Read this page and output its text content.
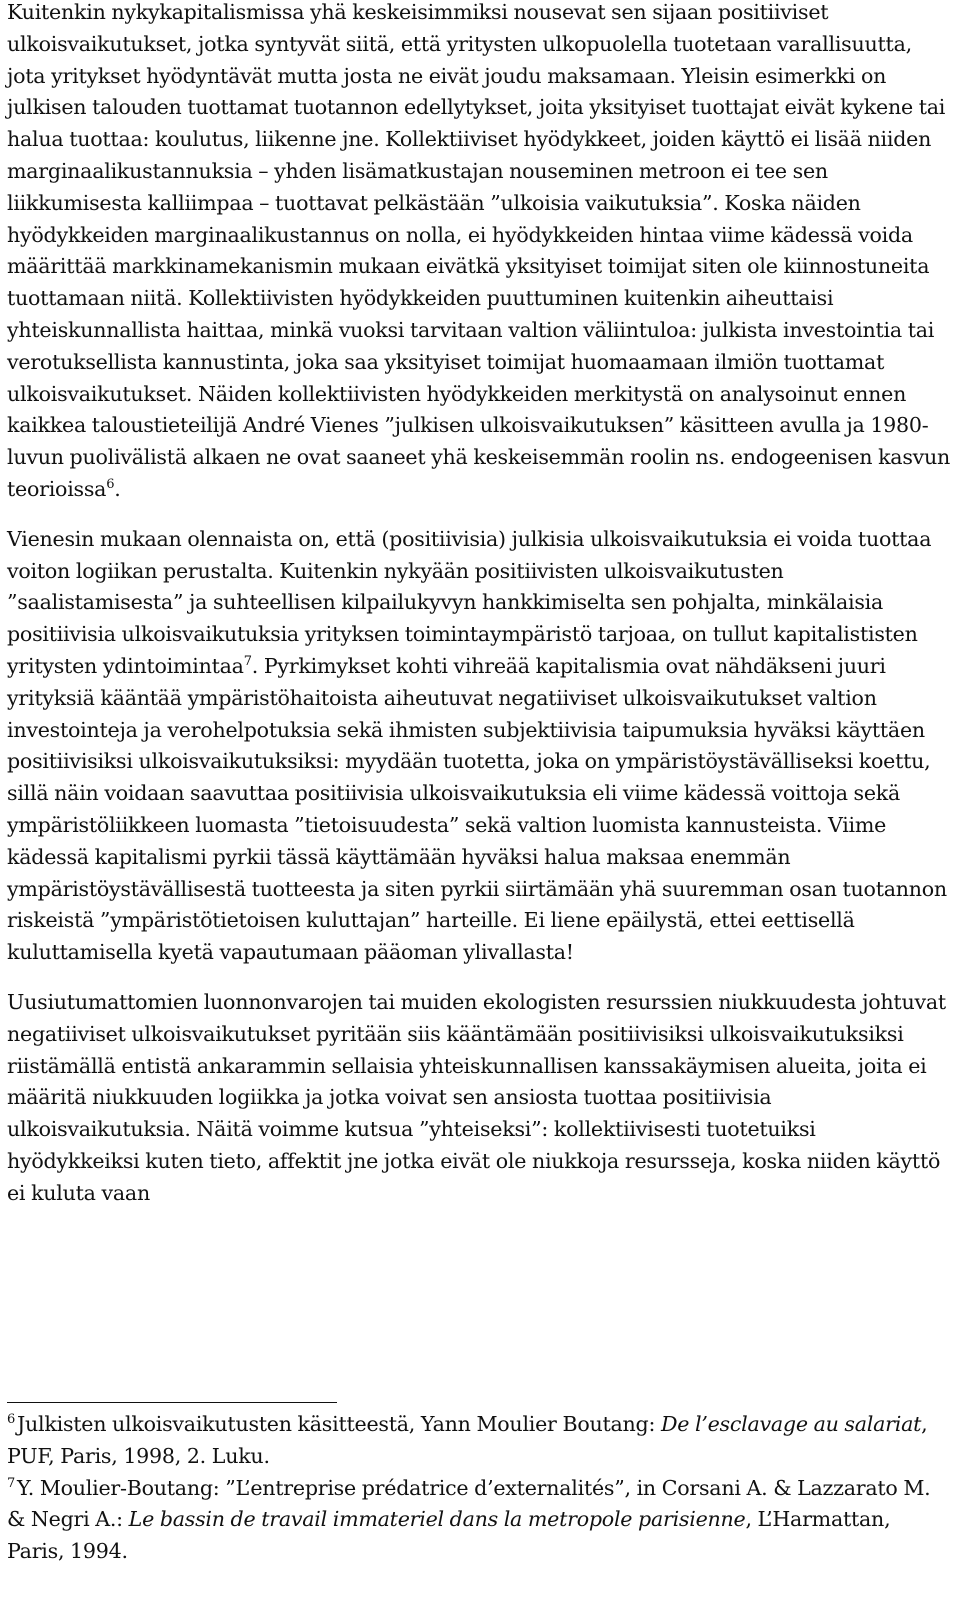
Kuitenkin nykykapitalismissa yhä keskeisimmiksi nousevat sen sijaan positiiviset ulkoisvaikutukset, jotka syntyvät siitä, että yritysten ulkopuolella tuotetaan varallisuutta, jota yritykset hyödyntävät mutta josta ne eivät joudu maksamaan. Yleisin esimerkki on julkisen talouden tuottamat tuotannon edellytykset, joita yksityiset tuottajat eivät kykene tai halua tuottaa: koulutus, liikenne jne. Kollektiiviset hyödykkeet, joiden käyttö ei lisää niiden marginaalikustannuksia – yhden lisämatkustajan nouseminen metroon ei tee sen liikkumisesta kalliimpaa – tuottavat pelkästään ”ulkoisia vaikutuksia”. Koska näiden hyödykkeiden marginaalikustannus on nolla, ei hyödykkeiden hintaa viime kädessä voida määrittää markkinamekanismin mukaan eivätkä yksityiset toimijat siten ole kiinnostuneita tuottamaan niitä. Kollektiivisten hyödykkeiden puuttuminen kuitenkin aiheuttaisi yhteiskunnallista haittaa, minkä vuoksi tarvitaan valtion väliintuloa: julkista investointia tai verotuksellista kannustinta, joka saa yksityiset toimijat huomaamaan ilmiön tuottamat ulkoisvaikutukset. Näiden kollektiivisten hyödykkeiden merkitystä on analysoinut ennen kaikkea taloustieteilijä André Vienes ”julkisen ulkoisvaikutuksen” käsitteen avulla ja 1980-luvun puolivälistä alkaen ne ovat saaneet yhä keskeisemmän roolin ns. endogeenisen kasvun teorioissa$^6$.

Vienesin mukaan olennaista on, että (positiivisia) julkisia ulkoisvaikutuksia ei voida tuottaa voiton logiikan perustalta. Kuitenkin nykyään positiivisten ulkoisvaikutusten ”saalistamisesta” ja suhteellisen kilpailukyvyn hankkimiselta sen pohjalta, minkälaisia positiivisia ulkoisvaikutuksia yrityksen toimintaympäristö tarjoaa, on tullut kapitalististen yritysten ydintoimintaa$^7$. Pyrkimykset kohti vihreää kapitalismia ovat nähdäkseni juuri yrityksiä kääntää ympäristöhaitoista aiheutuvat negatiiviset ulkoisvaikutukset valtion investointeja ja verohelpotuksia sekä ihmisten subjektiivisia taipumuksia hyväksi käyttäen positiivisiksi ulkoisvaikutuksiksi: myydään tuotetta, joka on ympäristöystävälliseksi koettu, sillä näin voidaan saavuttaa positiivisia ulkoisvaikutuksia eli viime kädessä voittoja sekä ympäristöliikkeen luomasta ”tietoisuudesta” sekä valtion luomista kannusteista. Viime kädessä kapitalismi pyrkii tässä käyttämään hyväksi halua maksaa enemmän ympäristöystävällisestä tuotteesta ja siten pyrkii siirtämään yhä suuremman osan tuotannon riskeistä ”ympäristötietoisen kuluttajan” harteille. Ei liene epäilystä, ettei eettisellä kuluttamisella kyetä vapautumaan pääoman ylivallasta!

Uusiutumattomien luonnonvarojen tai muiden ekologisten resurssien niukkuudesta johtuvat negatiiviset ulkoisvaikutukset pyritään siis kääntämään positiivisiksi ulkoisvaikutuksiksi riistämällä entistä ankarammin sellaisia yhteiskunnallisen kanssakäymisen alueita, joita ei määritä niukkuuden logiikka ja jotka voivat sen ansiosta tuottaa positiivisia ulkoisvaikutuksia. Näitä voimme kutsua ”yhteiseksi”: kollektiivisesti tuotetuiksi hyödykkeiksi kuten tieto, affektit jne jotka eivät ole niukkoja resursseja, koska niiden käyttö ei kuluta vaan

$^6$Julkisten ulkoisvaikutusten käsitteestä, Yann Moulier Boutang: De l’esclavage au salariat, PUF, Paris, 1998, 2. Luku.

$^7$Y. Moulier-Boutang: ”L’entreprise prédatrice d’externalités”, in Corsani A. & Lazzarato M. & Negri A.: Le bassin de travail immateriel dans la metropole parisienne, L’Harmattan, Paris, 1994.
